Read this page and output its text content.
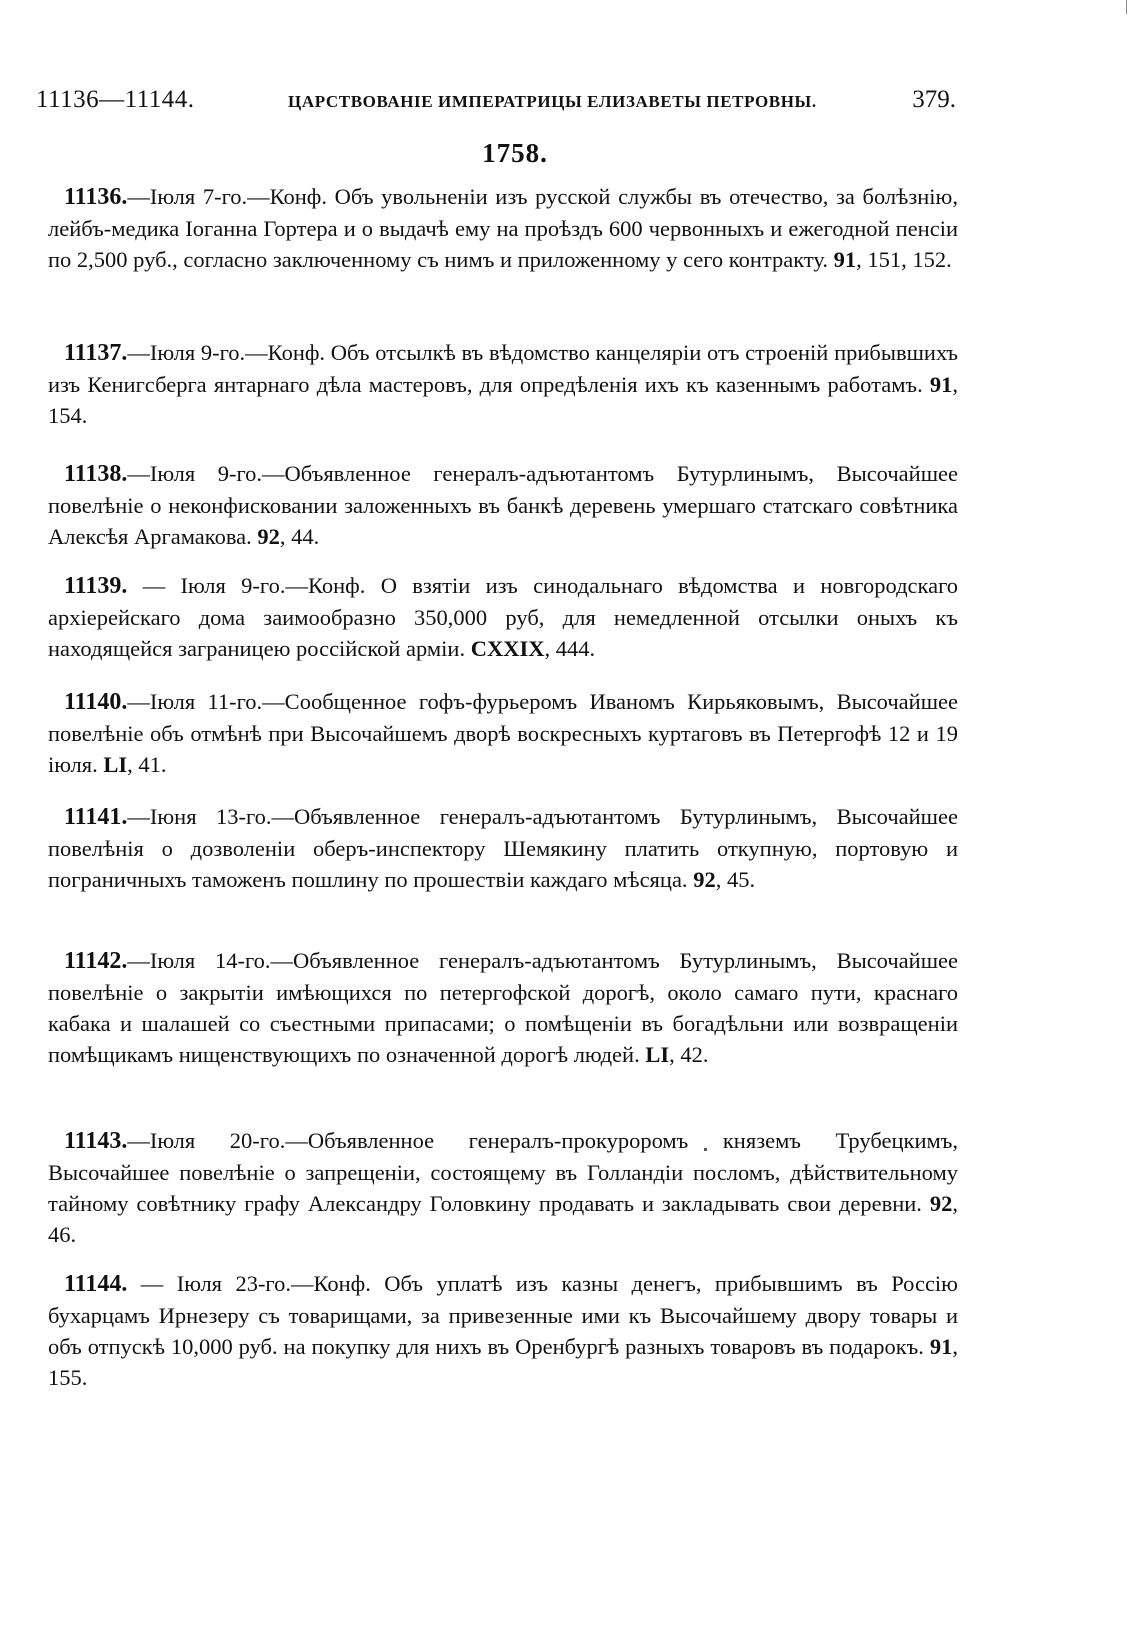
11136—11144.	ЦАРСТВОВАНІЕ ИМПЕРАТРИЦЫ ЕЛИЗАВЕТЫ ПЕТРОВНЫ.	379.
1758.

11136.—Іюля 7-го.—Конф. Объ увольненіи изъ русской службы въ отечество, за болѣзнію, лейбъ-медика Іоганна Гортера и о выдачѣ ему на проѣздъ 600 червонныхъ и ежегодной пенсіи по 2,500 руб., согласно заключенному съ нимъ и приложенному у сего контракту. 91, 151, 152.

11137.—Іюля 9-го.—Конф. Объ отсылкѣ въ вѣдомство канцеляріи отъ строеній прибывшихъ изъ Кенигсберга янтарнаго дѣла мастеровъ, для опредѣленія ихъ къ казеннымъ работамъ. 91, 154.

11138.—Іюля 9-го.—Объявленное генералъ-адъютантомъ Бутурлинымъ, Высочайшее повелѣніе о неконфисковании заложенныхъ въ банкѣ деревень умершаго статскаго совѣтника Алексѣя Аргамакова. 92, 44.

11139. — Іюля 9-го.—Конф. О взятіи изъ синодальнаго вѣдомства и новгородскаго архіерейскаго дома заимообразно 350,000 руб, для немедленной отсылки оныхъ къ находящейся заграницею россійской арміи. CXXIX, 444.

11140.—Іюля 11-го.—Сообщенное гофъ-фурьеромъ Иваномъ Кирьяковымъ, Высочайшее повелѣніе объ отмѣнѣ при Высочайшемъ дворѣ воскресныхъ куртаговъ въ Петергофѣ 12 и 19 іюля. LI, 41.

11141.—Іюня 13-го.—Объявленное генералъ-адъютантомъ Бутурлинымъ, Высочайшее повелѣнія о дозволеніи оберъ-инспектору Шемякину платить откупную, портовую и пограничныхъ таможенъ пошлину по прошествіи каждаго мѣсяца. 92, 45.

11142.—Іюля 14-го.—Объявленное генералъ-адъютантомъ Бутурлинымъ, Высочайшее повелѣніе о закрытіи имѣющихся по петергофской дорогѣ, около самаго пути, краснаго кабака и шалашей со съестными припасами; о помѣщеніи въ богадѣльни или возвращеніи помѣщикамъ нищенствующихъ по означенной дорогѣ людей. LI, 42.

11143.—Іюля 20-го.—Объявленное генералъ-прокуроромъ княземъ Трубецкимъ, Высочайшее повелѣніе о запрещеніи, состоящему въ Голландіи посломъ, дѣйствительному тайному совѣтнику графу Александру Головкину продавать и закладывать свои деревни. 92, 46.

11144. — Іюля 23-го.—Конф. Объ уплатѣ изъ казны денегъ, прибывшимъ въ Россію бухарцамъ Ирнезеру съ товарищами, за привезенные ими къ Высочайшему двору товары и объ отпускѣ 10,000 руб. на покупку для нихъ въ Оренбургѣ разныхъ товаровъ въ подарокъ. 91, 155.
